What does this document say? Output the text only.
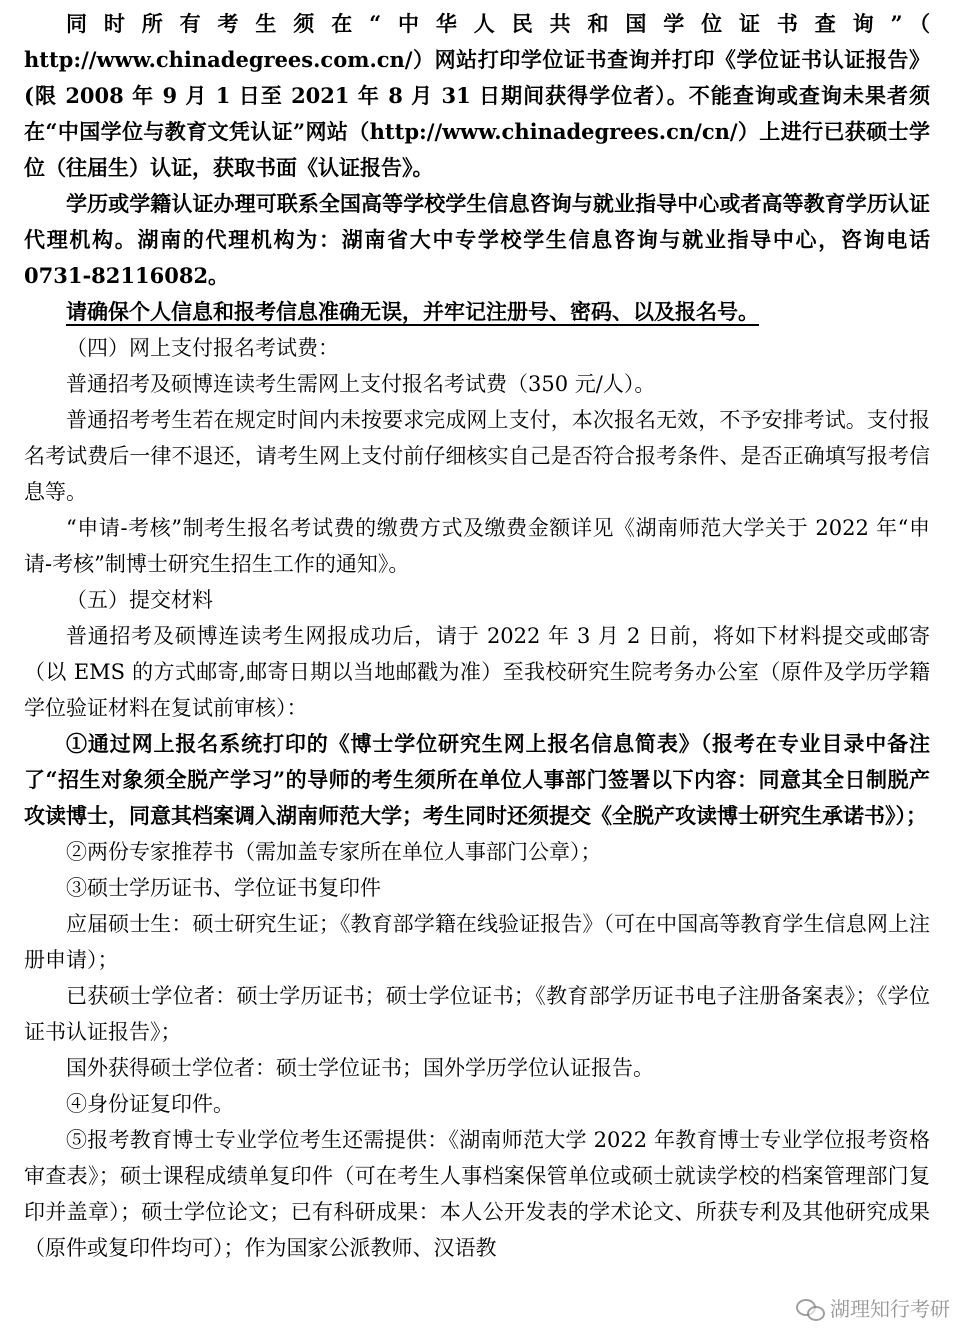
同时所有考生须在“中华人民共和国学位证书查询”（ http://www.chinadegrees.com.cn/）网站打印学位证书查询并打印《学位证书认证报告》(限 2008 年 9 月 1 日至 2021 年 8 月 31 日期间获得学位者）。不能查询或查询未果者须在“中国学位与教育文凭认证”网站（http://www.chinadegrees.cn/cn/）上进行已获硕士学位（往届生）认证，获取书面《认证报告》。

学历或学籍认证办理可联系全国高等学校学生信息咨询与就业指导中心或者高等教育学历认证代理机构。湖南的代理机构为：湖南省大中专学校学生信息咨询与就业指导中心，咨询电话 0731-82116082。

请确保个人信息和报考信息准确无误，并牢记注册号、密码、以及报名号。

（四）网上支付报名考试费：

普通招考及硕博连读考生需网上支付报名考试费（350 元/人）。

普通招考考生若在规定时间内未按要求完成网上支付，本次报名无效，不予安排考试。支付报名考试费后一律不退还，请考生网上支付前仔细核实自己是否符合报考条件、是否正确填写报考信息等。

“申请-考核”制考生报名考试费的缴费方式及缴费金额详见《湖南师范大学关于 2022 年“申请-考核”制博士研究生招生工作的通知》。

（五）提交材料

普通招考及硕博连读考生网报成功后，请于 2022 年 3 月 2 日前，将如下材料提交或邮寄（以 EMS 的方式邮寄,邮寄日期以当地邮戳为准）至我校研究生院考务办公室（原件及学历学籍学位验证材料在复试前审核）：

①通过网上报名系统打印的《博士学位研究生网上报名信息简表》（报考在专业目录中备注了“招生对象须全脱产学习”的导师的考生须所在单位人事部门签署以下内容：同意其全日制脱产攻读博士，同意其档案调入湖南师范大学；考生同时还须提交《全脱产攻读博士研究生承诺书》）；

②两份专家推荐书（需加盖专家所在单位人事部门公章）；

③硕士学历证书、学位证书复印件

应届硕士生：硕士研究生证；《教育部学籍在线验证报告》（可在中国高等教育学生信息网上注册申请）；

已获硕士学位者：硕士学历证书；硕士学位证书；《教育部学历证书电子注册备案表》；《学位证书认证报告》；

国外获得硕士学位者：硕士学位证书；国外学历学位认证报告。

④身份证复印件。

⑤报考教育博士专业学位考生还需提供：《湖南师范大学 2022 年教育博士专业学位报考资格审查表》；硕士课程成绩单复印件（可在考生人事档案保管单位或硕士就读学校的档案管理部门复印并盖章）；硕士学位论文；已有科研成果：本人公开发表的学术论文、所获专利及其他研究成果（原件或复印件均可）；作为国家公派教师、汉语教

湖理知行考研
